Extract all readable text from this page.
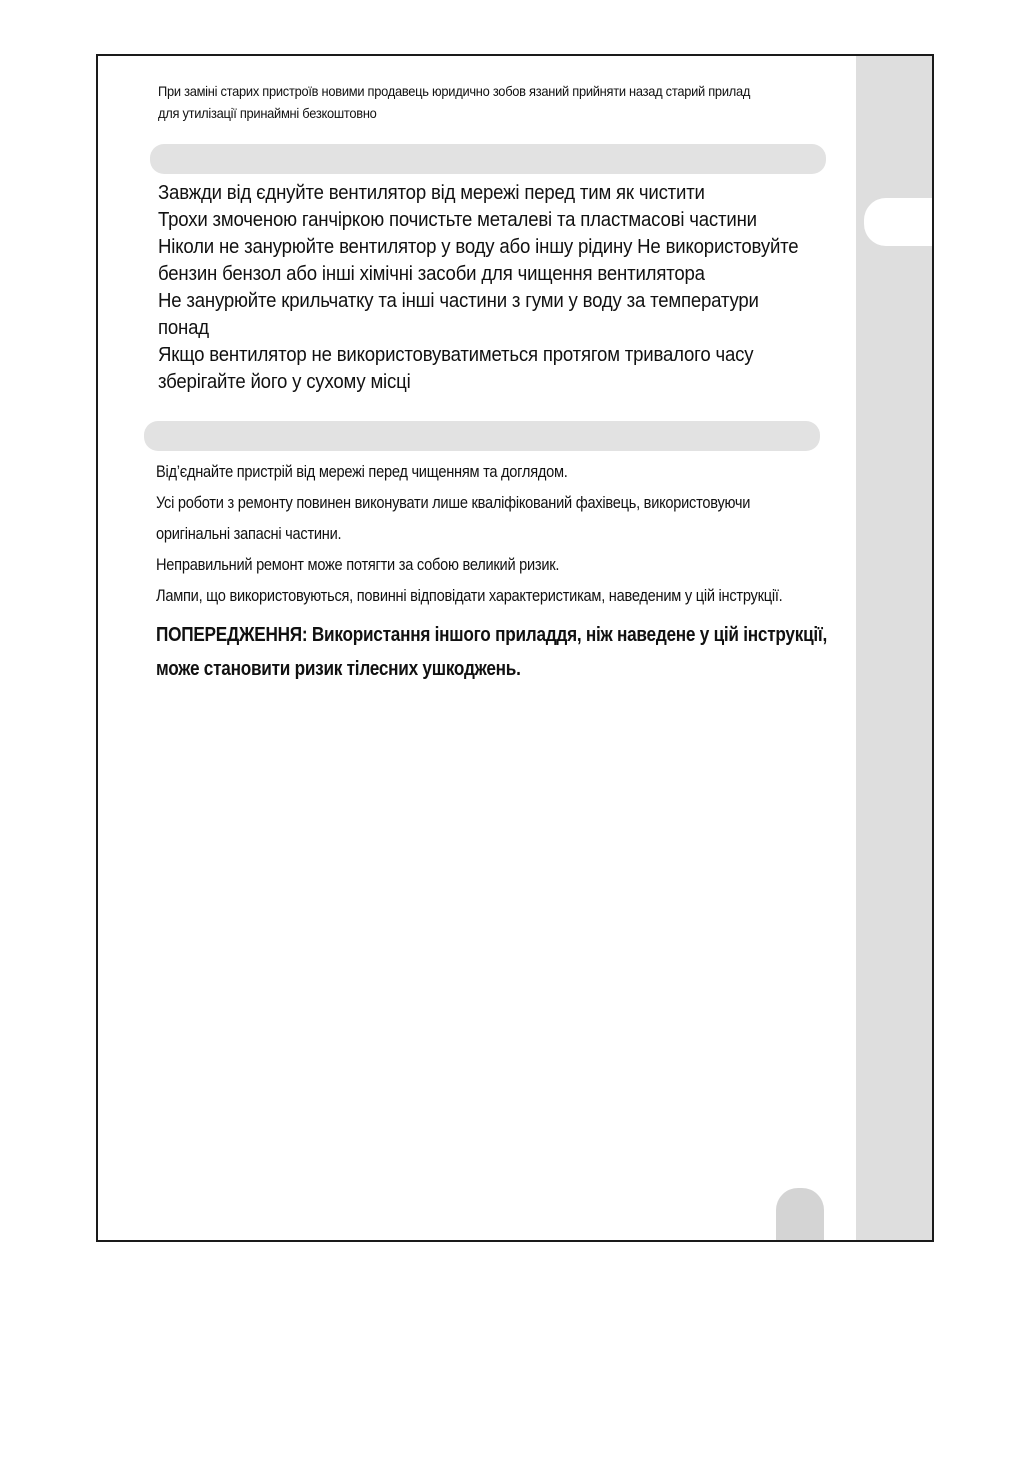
При заміні старих пристроїв новими продавець юридично зобов язаний прийняти назад старий прилад

для утилізації принаймні безкоштовно

Завжди від єднуйте вентилятор від мережі перед тим як чистити

Трохи змоченою ганчіркою почистьте металеві та пластмасові частини

Ніколи не занурюйте вентилятор у воду або іншу рідину Не використовуйте

бензин бензол або інші хімічні засоби для чищення вентилятора

Не занурюйте крильчатку та інші частини з гуми у воду за температури

понад

Якщо вентилятор не використовуватиметься протягом тривалого часу

зберігайте його у сухому місці

Від’єднайте пристрій від мережі перед чищенням та доглядом.

Усі роботи з ремонту повинен виконувати лише кваліфікований фахівець, використовуючи

оригінальні запасні частини.

Неправильний ремонт може потягти за собою великий ризик.

Лампи, що використовуються, повинні відповідати характеристикам, наведеним у цій інструкції.

ПОПЕРЕДЖЕННЯ: Використання іншого приладдя, ніж наведене у цій інструкції,

може становити ризик тілесних ушкоджень.
